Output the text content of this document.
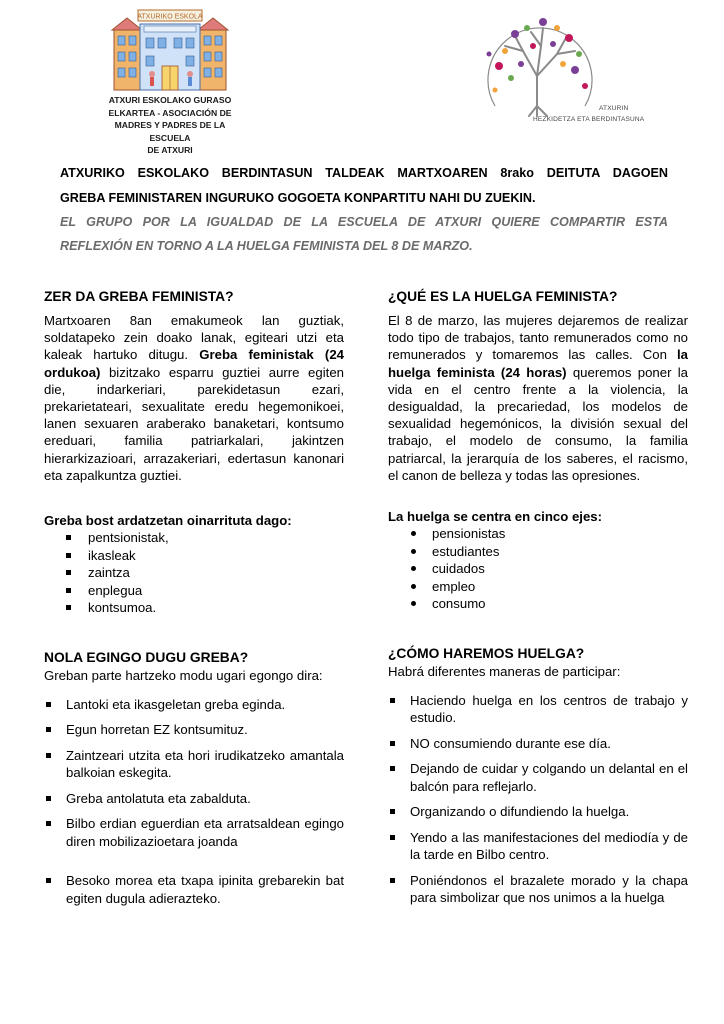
ATXURIKO ESKOLA
ATXURI ESKOLAKO GURASO
ELKARTEA - ASOCIACIÓN DE
MADRES Y PADRES DE LA ESCUELA
DE ATXURI
ATXURIN
HEZKIDETZA ETA BERDINTASUNA
ATXURIKO ESKOLAKO BERDINTASUN TALDEAK MARTXOAREN 8rako DEITUTA DAGOEN
GREBA FEMINISTAREN INGURUKO GOGOETA KONPARTITU NAHI DU ZUEKIN.
EL GRUPO POR LA IGUALDAD DE LA ESCUELA DE ATXURI QUIERE COMPARTIR ESTA
REFLEXIÓN EN TORNO A LA HUELGA FEMINISTA DEL 8 DE MARZO.
ZER DA GREBA FEMINISTA?

Martxoaren 8an emakumeok lan guztiak, soldatapeko zein doako lanak, egiteari utzi eta kaleak hartuko ditugu. Greba feministak (24 ordukoa) bizitzako esparru guztiei aurre egiten die, indarkeriari, parekidetasun ezari, prekarietateari, sexualitate eredu hegemonikoei, lanen sexuaren araberako banaketari, kontsumo ereduari, familia patriarkalari, jakintzen hierarkizazioari, arrazakeriari, edertasun kanonari eta zapalkuntza guztiei.

Greba bost ardatzetan oinarrituta dago:
pentsionistak,
ikasleak
zaintza
enplegua
kontsumoa.
NOLA EGINGO DUGU GREBA?

Greban parte hartzeko modu ugari egongo dira:

Lantoki eta ikasgeletan greba eginda.
Egun horretan EZ kontsumituz.
Zaintzeari utzita eta hori irudikatzeko amantala balkoian eskegita.
Greba antolatuta eta zabalduta.
Bilbo erdian eguerdian eta arratsaldean egingo diren mobilizazioetara joanda
Besoko morea eta txapa ipinita grebarekin bat egiten dugula adierazteko.
¿QUÉ ES LA HUELGA FEMINISTA?

El 8 de marzo, las mujeres dejaremos de realizar todo tipo de trabajos, tanto remunerados como no remunerados y tomaremos las calles. Con la huelga feminista (24 horas) queremos poner la vida en el centro frente a la violencia, la desigualdad, la precariedad, los modelos de sexualidad hegemónicos, la división sexual del trabajo, el modelo de consumo, la familia patriarcal, la jerarquía de los saberes, el racismo, el canon de belleza y todas las opresiones.

La huelga se centra en cinco ejes:
pensionistas
estudiantes
cuidados
empleo
consumo
¿CÓMO HAREMOS HUELGA?

Habrá diferentes maneras de participar:

Haciendo huelga en los centros de trabajo y estudio.
NO consumiendo durante ese día.
Dejando de cuidar y colgando un delantal en el balcón para reflejarlo.
Organizando o difundiendo la huelga.
Yendo a las manifestaciones del mediodía y de la tarde en Bilbo centro.
Poniéndonos el brazalete morado y la chapa para simbolizar que nos unimos a la huelga
